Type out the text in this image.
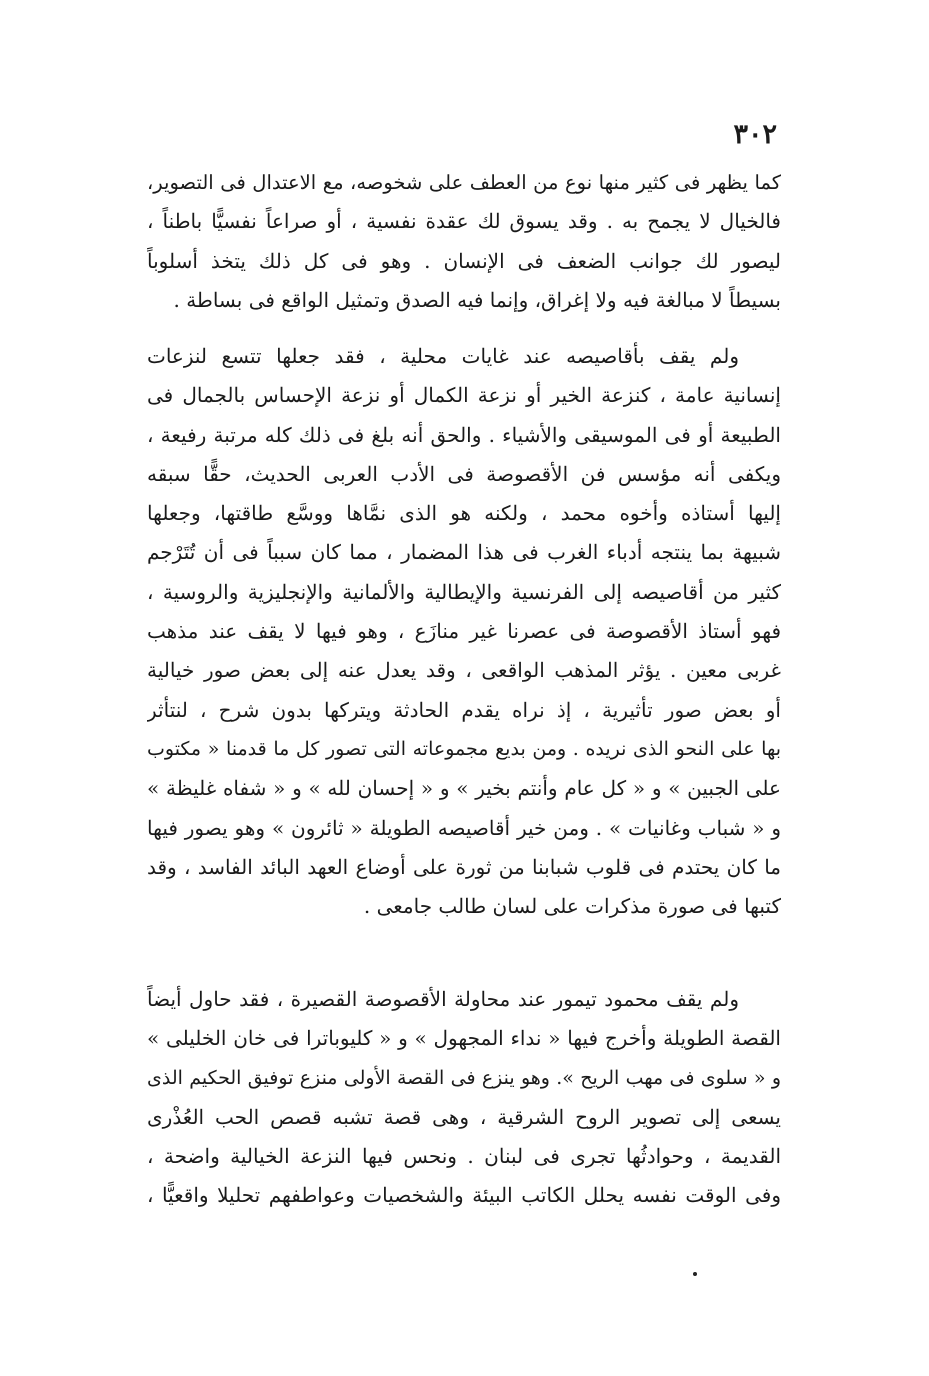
٣٠٢
كما يظهر فى كثير منها نوع من العطف على شخوصه، مع الاعتدال فى التصوير،
فالخيال لا يجمح به . وقد يسوق لك عقدة نفسية ، أو صراعاً نفسيًّا باطناً ،
ليصور لك جوانب الضعف فى الإنسان . وهو فى كل ذلك يتخذ أسلوباً
بسيطاً لا مبالغة فيه ولا إغراق، وإنما فيه الصدق وتمثيل الواقع فى بساطة .
ولم يقف بأقاصيصه عند غايات محلية ، فقد جعلها تتسع لنزعات
إنسانية عامة ، كنزعة الخير أو نزعة الكمال أو نزعة الإحساس بالجمال فى
الطبيعة أو فى الموسيقى والأشياء . والحق أنه بلغ فى ذلك كله مرتبة رفيعة ،
ويكفى أنه مؤسس فن الأقصوصة فى الأدب العربى الحديث، حقًّا سبقه
إليها أستاذه وأخوه محمد ، ولكنه هو الذى نمَّاها ووسَّع طاقتها، وجعلها
شبيهة بما ينتجه أدباء الغرب فى هذا المضمار ، مما كان سبباً فى أن تُتَرْجم
كثير من أقاصيصه إلى الفرنسية والإيطالية والألمانية والإنجليزية والروسية ،
فهو أستاذ الأقصوصة فى عصرنا غير منازَع ، وهو فيها لا يقف عند مذهب
غربى معين . يؤثر المذهب الواقعى ، وقد يعدل عنه إلى بعض صور خيالية
أو بعض صور تأثيرية ، إذ نراه يقدم الحادثة ويتركها بدون شرح ، لنتأثر
بها على النحو الذى نريده . ومن بديع مجموعاته التى تصور كل ما قدمنا « مكتوب
على الجبين » و « كل عام وأنتم بخير » و « إحسان لله » و « شفاه غليظة »
و « شباب وغانيات » . ومن خير أقاصيصه الطويلة « ثائرون » وهو يصور فيها
ما كان يحتدم فى قلوب شبابنا من ثورة على أوضاع العهد البائد الفاسد ، وقد
كتبها فى صورة مذكرات على لسان طالب جامعى .
ولم يقف محمود تيمور عند محاولة الأقصوصة القصيرة ، فقد حاول أيضاً
القصة الطويلة وأخرج فيها « نداء المجهول » و « كليوباترا فى خان الخليلى »
و « سلوى فى مهب الريح ». وهو ينزع فى القصة الأولى منزع توفيق الحكيم الذى
يسعى إلى تصوير الروح الشرقية ، وهى قصة تشبه قصص الحب العُذْرى
القديمة ، وحوادثُها تجرى فى لبنان . ونحس فيها النزعة الخيالية واضحة ،
وفى الوقت نفسه يحلل الكاتب البيئة والشخصيات وعواطفهم تحليلا واقعيًّا ،
